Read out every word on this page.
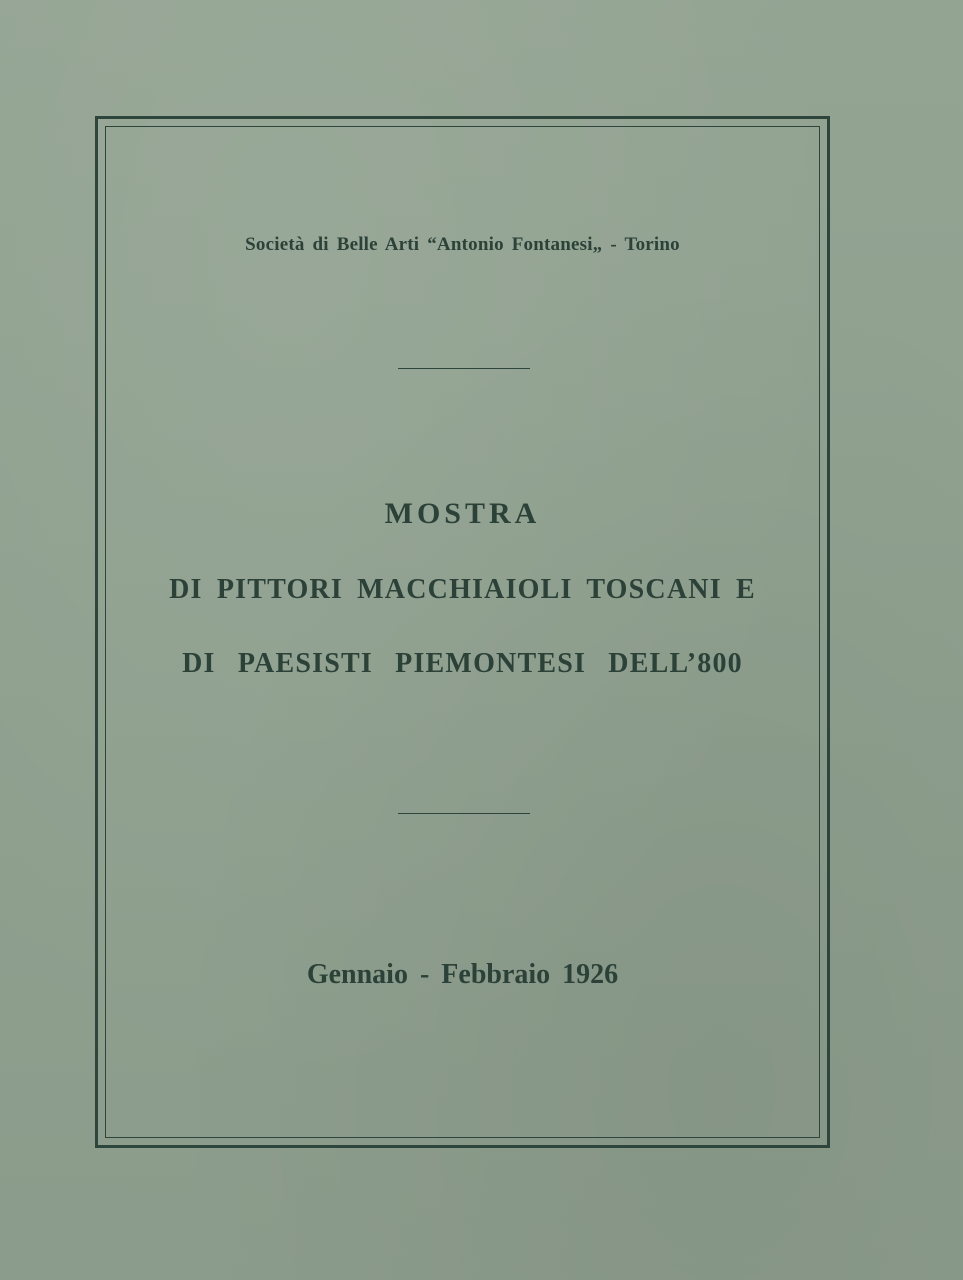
Società di Belle Arti “Antonio Fontanesi„ - Torino
MOSTRA
DI PITTORI MACCHIAIOLI TOSCANI E
DI PAESISTI PIEMONTESI DELL’800
Gennaio - Febbraio 1926
